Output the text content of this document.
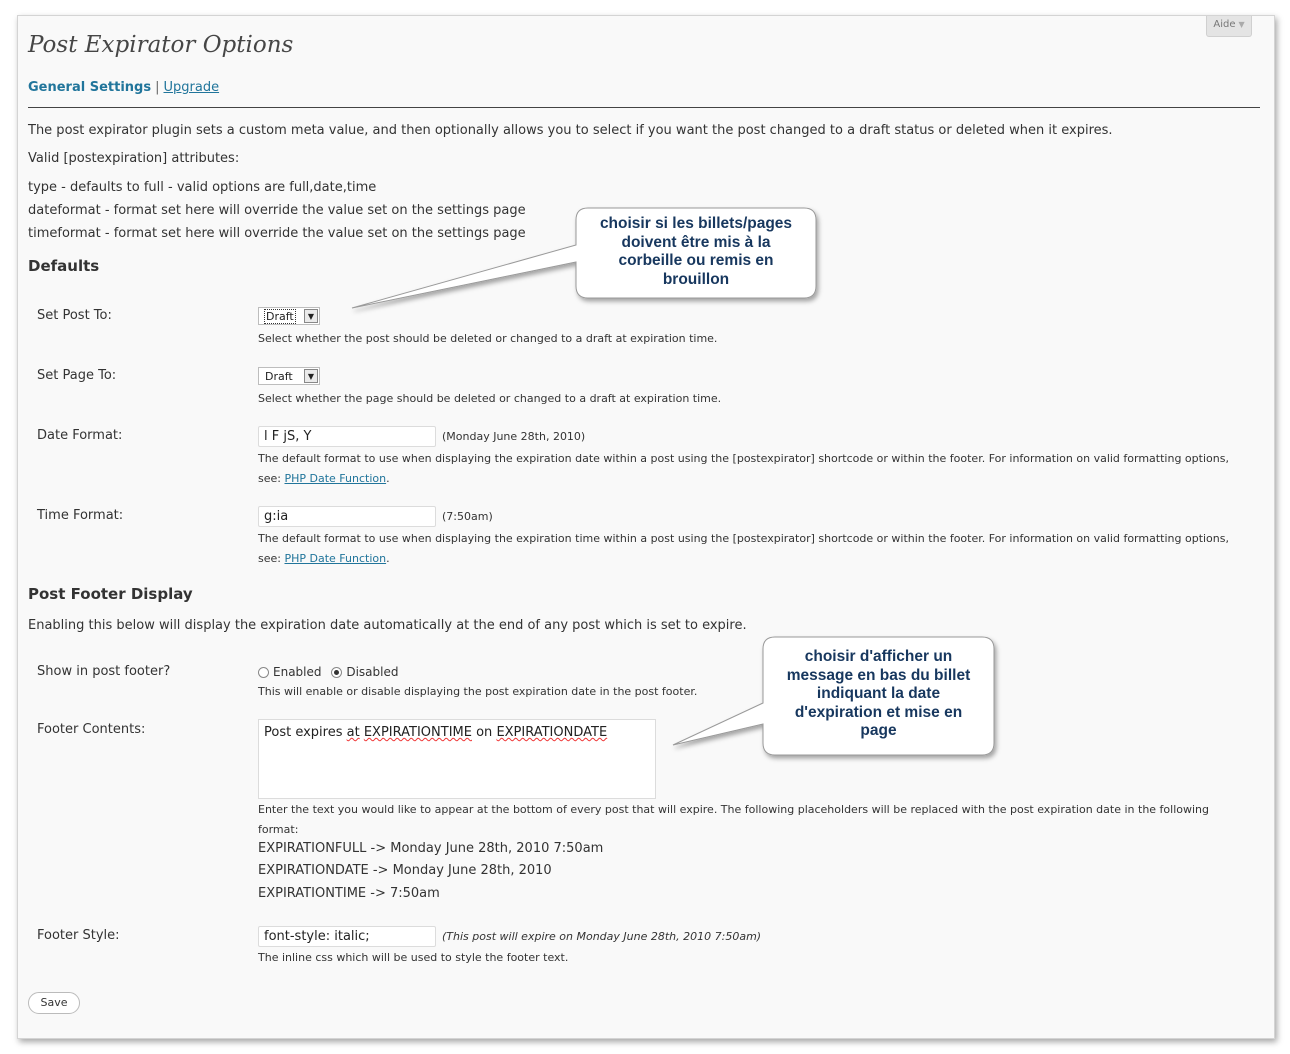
Aide ▼
Post Expirator Options
General Settings | Upgrade
The post expirator plugin sets a custom meta value, and then optionally allows you to select if you want the post changed to a draft status or deleted when it expires.
Valid [postexpiration] attributes:
type - defaults to full - valid options are full,date,time
dateformat - format set here will override the value set on the settings page
timeformat - format set here will override the value set on the settings page
Defaults
Set Post To:	Draft	▼
Select whether the post should be deleted or changed to a draft at expiration time.
Set Page To:	Draft	▼
Select whether the page should be deleted or changed to a draft at expiration time.
Date Format:	l F jS, Y	(Monday June 28th, 2010)
The default format to use when displaying the expiration date within a post using the [postexpirator] shortcode or within the footer. For information on valid formatting options, see: PHP Date Function.
Time Format:	g:ia	(7:50am)
The default format to use when displaying the expiration time within a post using the [postexpirator] shortcode or within the footer. For information on valid formatting options, see: PHP Date Function.
Post Footer Display
Enabling this below will display the expiration date automatically at the end of any post which is set to expire.
Show in post footer?	Enabled Disabled
This will enable or disable displaying the post expiration date in the post footer.
Footer Contents:	Post expires at EXPIRATIONTIME on EXPIRATIONDATE
Enter the text you would like to appear at the bottom of every post that will expire. The following placeholders will be replaced with the post expiration date in the following format:
EXPIRATIONFULL -> Monday June 28th, 2010 7:50am
EXPIRATIONDATE -> Monday June 28th, 2010
EXPIRATIONTIME -> 7:50am
Footer Style:	font-style: italic;	(This post will expire on Monday June 28th, 2010 7:50am)
The inline css which will be used to style the footer text.
Save
choisir si les billets/pages
doivent être mis à la
corbeille ou remis en
brouillon
choisir d'afficher un
message en bas du billet
indiquant la date
d'expiration et mise en
page
